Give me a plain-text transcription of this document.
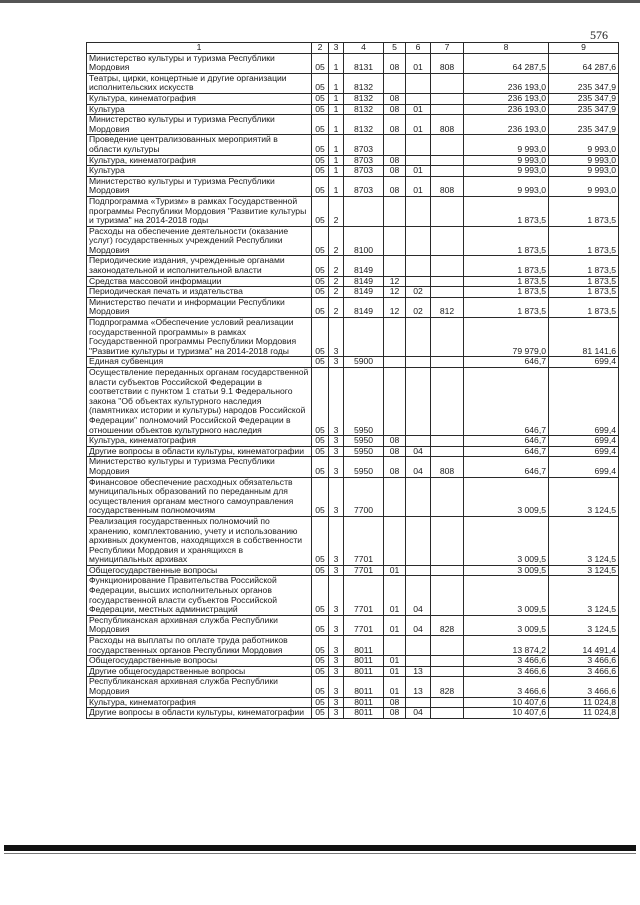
576
1	2	3	4	5	6	7	8	9
Министерство культуры и туризма Республики Мордовия	05	1	8131	08	01	808	64 287,5	64 287,6
Театры, цирки, концертные и другие организации исполнительских искусств	05	1	8132				236 193,0	235 347,9
Культура, кинематография	05	1	8132	08			236 193,0	235 347,9
Культура	05	1	8132	08	01		236 193,0	235 347,9
Министерство культуры и туризма Республики Мордовия	05	1	8132	08	01	808	236 193,0	235 347,9
Проведение централизованных мероприятий в области культуры	05	1	8703				9 993,0	9 993,0
Культура, кинематография	05	1	8703	08			9 993,0	9 993,0
Культура	05	1	8703	08	01		9 993,0	9 993,0
Министерство культуры и туризма Республики Мордовия	05	1	8703	08	01	808	9 993,0	9 993,0
Подпрограмма «Туризм» в рамках Государственной программы Республики Мордовия "Развитие культуры и туризма" на 2014-2018 годы	05	2					1 873,5	1 873,5
Расходы на обеспечение деятельности (оказание услуг) государственных учреждений Республики Мордовия	05	2	8100				1 873,5	1 873,5
Периодические издания, учрежденные органами законодательной и исполнительной власти	05	2	8149				1 873,5	1 873,5
Средства массовой информации	05	2	8149	12			1 873,5	1 873,5
Периодическая печать и издательства	05	2	8149	12	02		1 873,5	1 873,5
Министерство печати и информации Республики Мордовия	05	2	8149	12	02	812	1 873,5	1 873,5
Подпрограмма «Обеспечение условий реализации государственной программы» в рамках Государственной программы Республики Мордовия "Развитие культуры и туризма" на 2014-2018 годы	05	3					79 979,0	81 141,6
Единая субвенция	05	3	5900				646,7	699,4
Осуществление переданных органам государственной власти субъектов Российской Федерации в соответствии с пунктом 1 статьи 9.1 Федерального закона "Об объектах культурного наследия (памятниках истории и культуры) народов Российской Федерации" полномочий Российской Федерации в отношении объектов культурного наследия	05	3	5950				646,7	699,4
Культура, кинематография	05	3	5950	08			646,7	699,4
Другие вопросы в области культуры, кинематографии	05	3	5950	08	04		646,7	699,4
Министерство культуры и туризма Республики Мордовия	05	3	5950	08	04	808	646,7	699,4
Финансовое обеспечение расходных обязательств муниципальных образований по переданным для осуществления органам местного самоуправления государственным полномочиям	05	3	7700				3 009,5	3 124,5
Реализация государственных полномочий по хранению, комплектованию, учету и использованию архивных документов, находящихся в собственности Республики Мордовия и хранящихся в муниципальных архивах	05	3	7701				3 009,5	3 124,5
Общегосударственные вопросы	05	3	7701	01			3 009,5	3 124,5
Функционирование Правительства Российской Федерации, высших исполнительных органов государственной власти субъектов Российской Федерации, местных администраций	05	3	7701	01	04		3 009,5	3 124,5
Республиканская архивная служба Республики Мордовия	05	3	7701	01	04	828	3 009,5	3 124,5
Расходы на выплаты по оплате труда работников государственных органов Республики Мордовия	05	3	8011				13 874,2	14 491,4
Общегосударственные вопросы	05	3	8011	01			3 466,6	3 466,6
Другие общегосударственные вопросы	05	3	8011	01	13		3 466,6	3 466,6
Республиканская архивная служба Республики Мордовия	05	3	8011	01	13	828	3 466,6	3 466,6
Культура, кинематография	05	3	8011	08			10 407,6	11 024,8
Другие вопросы в области культуры, кинематографии	05	3	8011	08	04		10 407,6	11 024,8
